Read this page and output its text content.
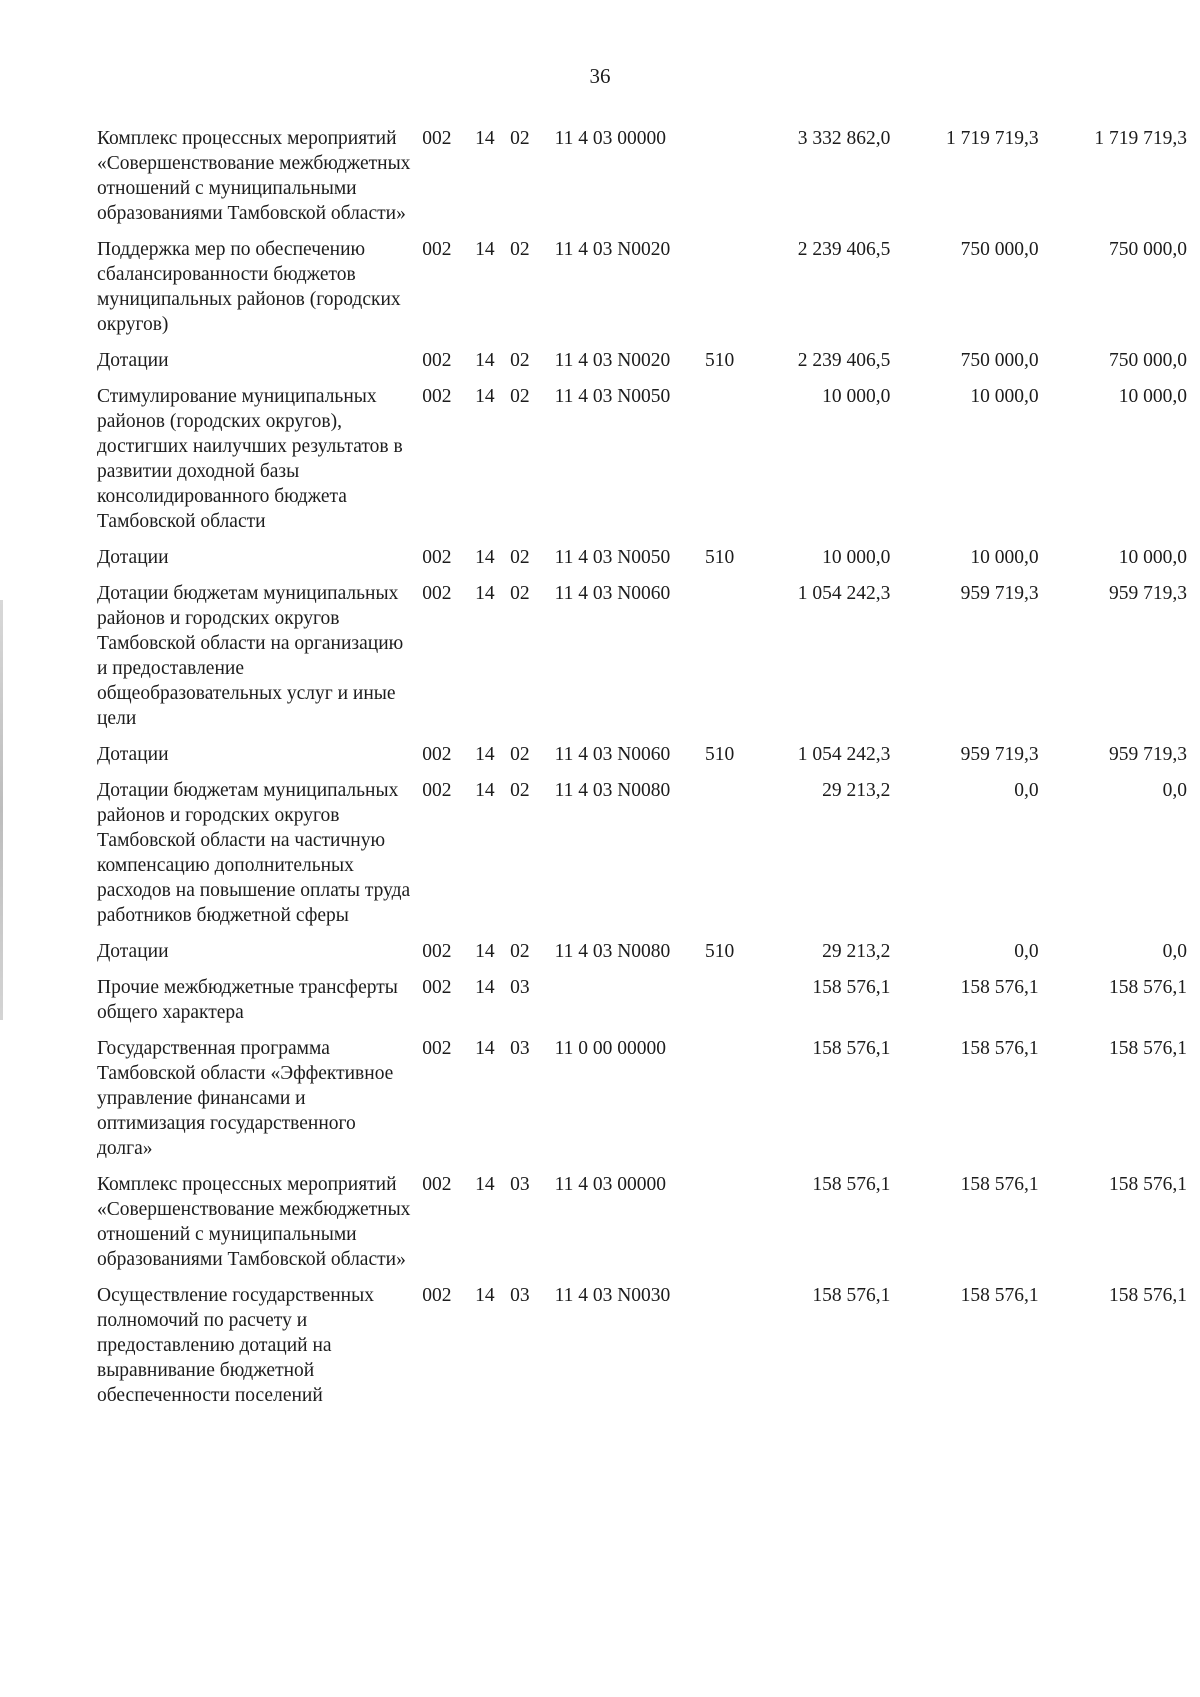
36
Комплекс процессных мероприятий «Совершенствование межбюджетных отношений с муниципальными образованиями Тамбовской области»	002	14	02	11 4 03 00000		3 332 862,0	1 719 719,3	1 719 719,3
Поддержка мер по обеспечению сбалансированности бюджетов муниципальных районов (городских округов)	002	14	02	11 4 03 N0020		2 239 406,5	750 000,0	750 000,0
Дотации	002	14	02	11 4 03 N0020	510	2 239 406,5	750 000,0	750 000,0
Стимулирование муниципальных районов (городских округов), достигших наилучших результатов в развитии доходной базы консолидированного бюджета Тамбовской области	002	14	02	11 4 03 N0050		10 000,0	10 000,0	10 000,0
Дотации	002	14	02	11 4 03 N0050	510	10 000,0	10 000,0	10 000,0
Дотации бюджетам муниципальных районов и городских округов Тамбовской области на организацию и предоставление общеобразовательных услуг и иные цели	002	14	02	11 4 03 N0060		1 054 242,3	959 719,3	959 719,3
Дотации	002	14	02	11 4 03 N0060	510	1 054 242,3	959 719,3	959 719,3
Дотации бюджетам муниципальных районов и городских округов Тамбовской области на частичную компенсацию дополнительных расходов на повышение оплаты труда работников бюджетной сферы	002	14	02	11 4 03 N0080		29 213,2	0,0	0,0
Дотации	002	14	02	11 4 03 N0080	510	29 213,2	0,0	0,0
Прочие межбюджетные трансферты общего характера	002	14	03			158 576,1	158 576,1	158 576,1
Государственная программа Тамбовской области «Эффективное управление финансами и оптимизация государственного долга»	002	14	03	11 0 00 00000		158 576,1	158 576,1	158 576,1
Комплекс процессных мероприятий «Совершенствование межбюджетных отношений с муниципальными образованиями Тамбовской области»	002	14	03	11 4 03 00000		158 576,1	158 576,1	158 576,1
Осуществление государственных полномочий по расчету и предоставлению дотаций на выравнивание бюджетной обеспеченности поселений	002	14	03	11 4 03 N0030		158 576,1	158 576,1	158 576,1
